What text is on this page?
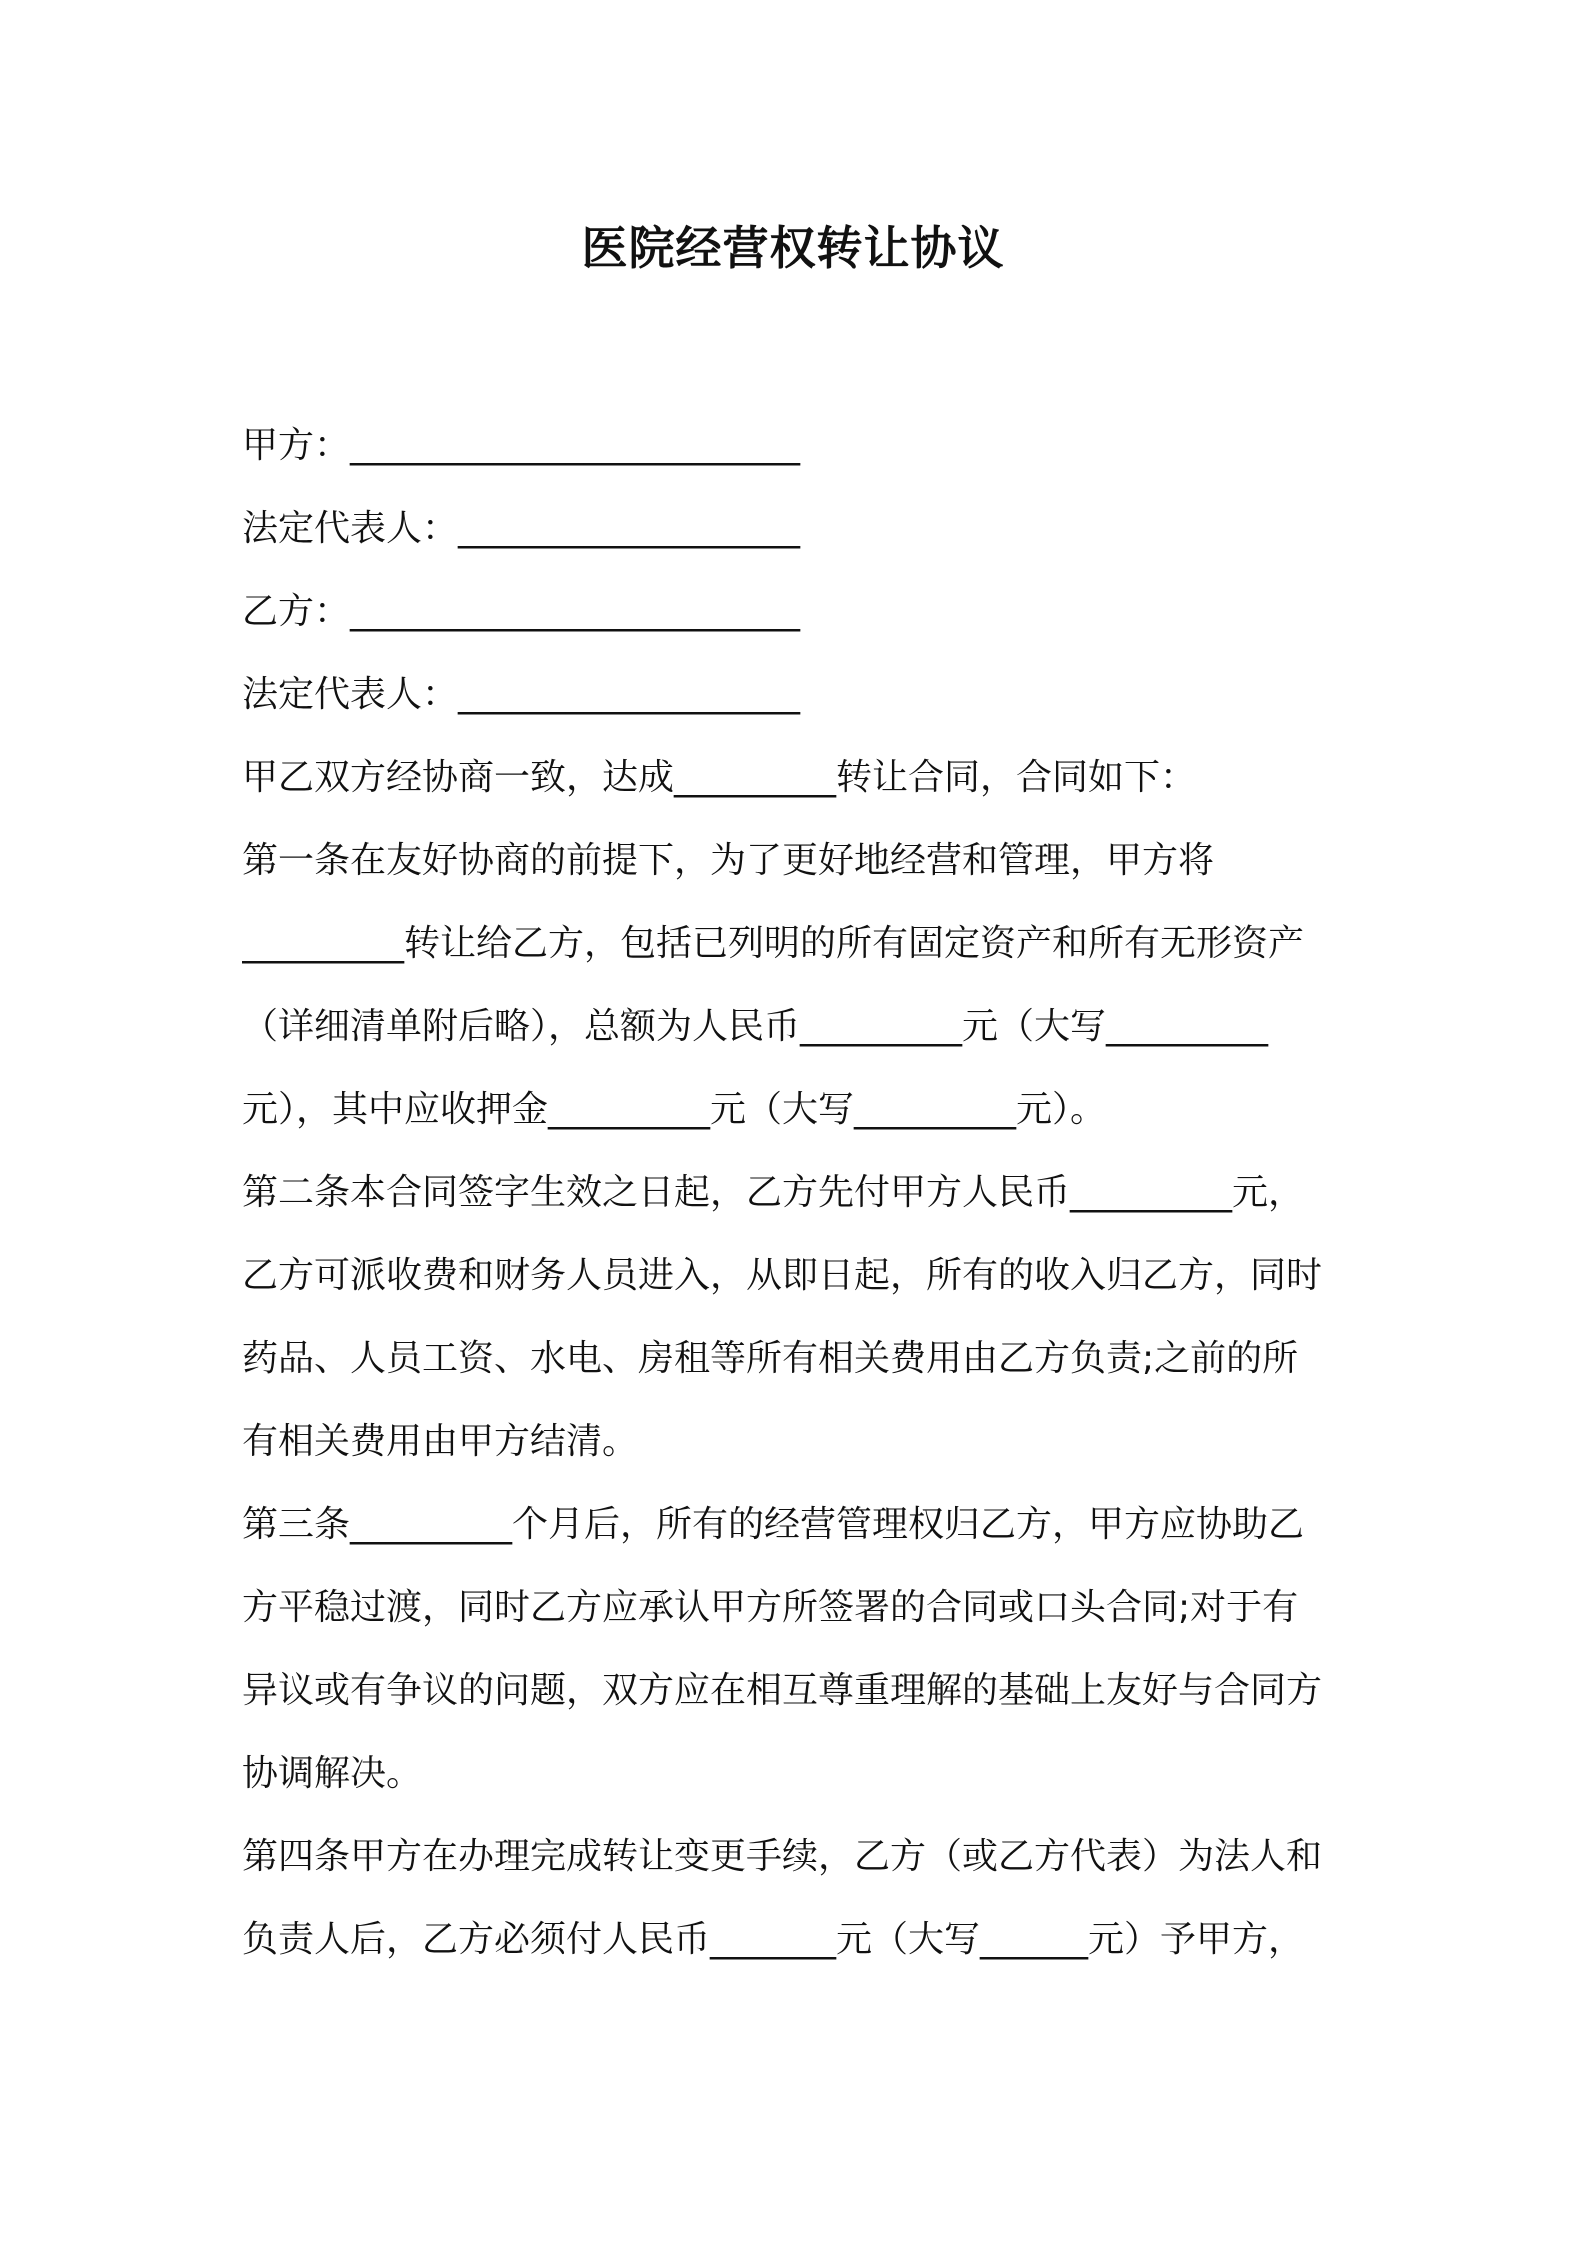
医院经营权转让协议
甲方：_________________________
法定代表人：___________________
乙方：_________________________
法定代表人：___________________
甲乙双方经协商一致，达成_________转让合同，合同如下：
第一条在友好协商的前提下，为了更好地经营和管理，甲方将
_________转让给乙方，包括已列明的所有固定资产和所有无形资产
（详细清单附后略），总额为人民币_________元（大写_________
元），其中应收押金_________元（大写_________元）。
第二条本合同签字生效之日起，乙方先付甲方人民币_________元，
乙方可派收费和财务人员进入，从即日起，所有的收入归乙方，同时
药品、人员工资、水电、房租等所有相关费用由乙方负责;之前的所
有相关费用由甲方结清。
第三条_________个月后，所有的经营管理权归乙方，甲方应协助乙
方平稳过渡，同时乙方应承认甲方所签署的合同或口头合同;对于有
异议或有争议的问题，双方应在相互尊重理解的基础上友好与合同方
协调解决。
第四条甲方在办理完成转让变更手续，乙方（或乙方代表）为法人和
负责人后，乙方必须付人民币_______元（大写______元）予甲方，
